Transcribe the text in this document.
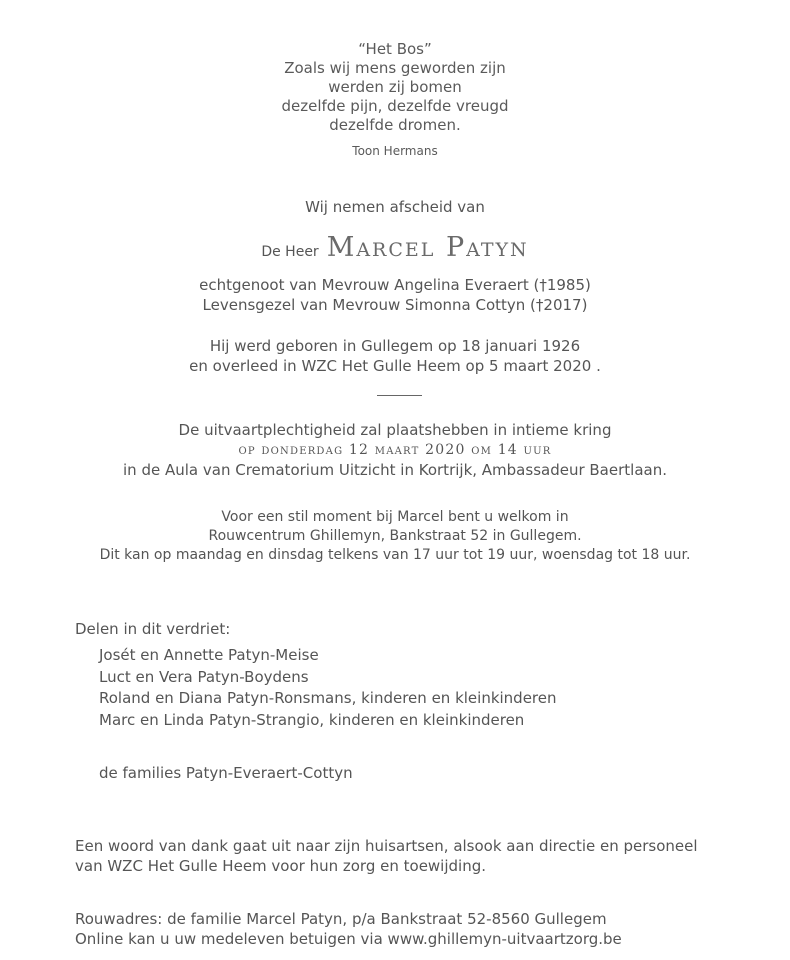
“Het Bos”
Zoals wij mens geworden zijn
werden zij bomen
dezelfde pijn, dezelfde vreugd
dezelfde dromen.
Toon Hermans
Wij nemen afscheid van
De Heer Marcel Patyn
echtgenoot van Mevrouw Angelina Everaert (†1985)
Levensgezel van Mevrouw Simonna Cottyn (†2017)
Hij werd geboren in Gullegem op 18 januari 1926
en overleed in WZC Het Gulle Heem op 5 maart 2020 .
De uitvaartplechtigheid zal plaatshebben in intieme kring
op donderdag 12 maart 2020 om 14 uur
in de Aula van Crematorium Uitzicht in Kortrijk, Ambassadeur Baertlaan.
Voor een stil moment bij Marcel bent u welkom in
Rouwcentrum Ghillemyn, Bankstraat 52 in Gullegem.
Dit kan op maandag en dinsdag telkens van 17 uur tot 19 uur, woensdag tot 18 uur.
Delen in dit verdriet:
Josét en Annette Patyn-Meise
Luct en Vera Patyn-Boydens
Roland en Diana Patyn-Ronsmans, kinderen en kleinkinderen
Marc en Linda Patyn-Strangio, kinderen en kleinkinderen
de families Patyn-Everaert-Cottyn
Een woord van dank gaat uit naar zijn huisartsen, alsook aan directie en personeel
van WZC Het Gulle Heem voor hun zorg en toewijding.
Rouwadres: de familie Marcel Patyn, p/a Bankstraat 52-8560 Gullegem
Online kan u uw medeleven betuigen via www.ghillemyn-uitvaartzorg.be
